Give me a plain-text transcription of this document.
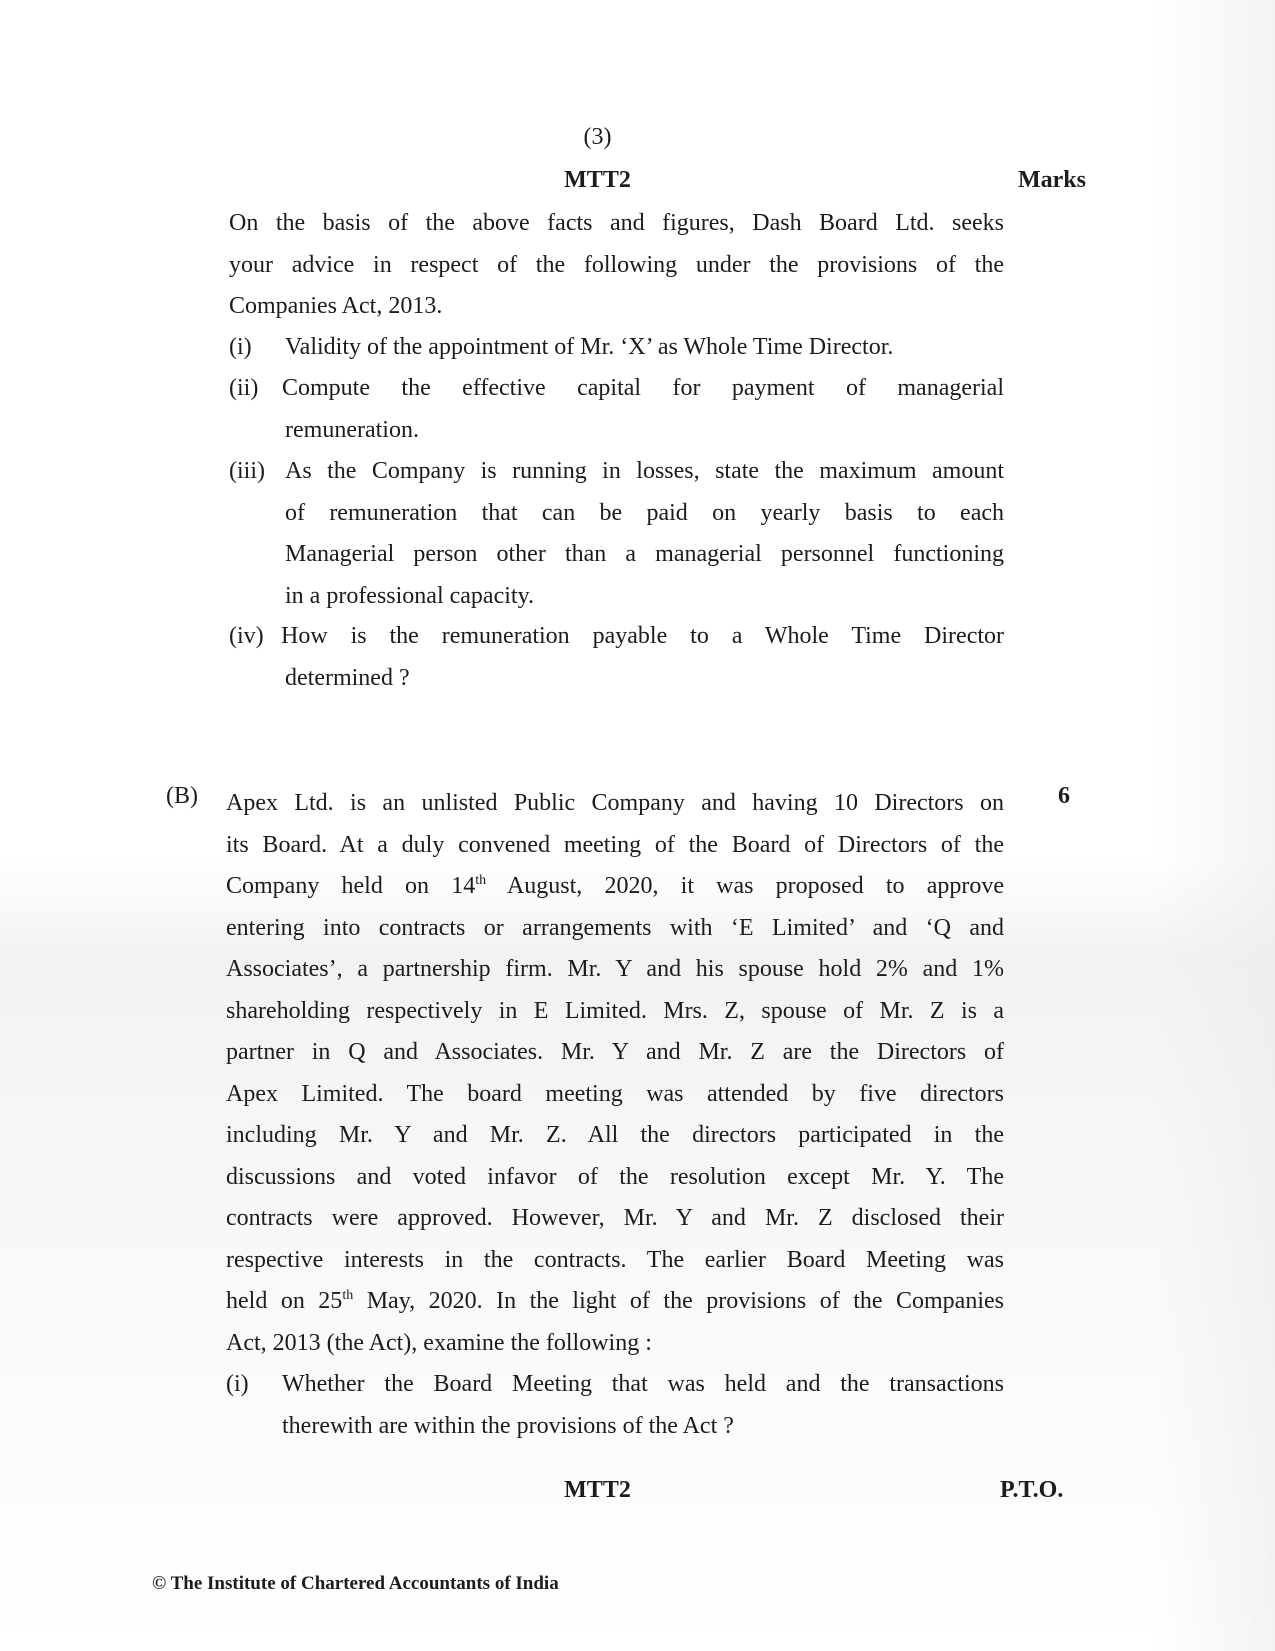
(3)
MTT2	Marks
On the basis of the above facts and figures, Dash Board Ltd. seeks
your advice in respect of the following under the provisions of the
Companies Act, 2013.
(i) Validity of the appointment of Mr. ‘X’ as Whole Time Director.
(ii) Compute the effective capital for payment of managerial
remuneration.
(iii) As the Company is running in losses, state the maximum amount
of remuneration that can be paid on yearly basis to each
Managerial person other than a managerial personnel functioning
in a professional capacity.
(iv) How is the remuneration payable to a Whole Time Director
determined ?
(B)	6
Apex Ltd. is an unlisted Public Company and having 10 Directors on
its Board. At a duly convened meeting of the Board of Directors of the
Company held on 14th August, 2020, it was proposed to approve
entering into contracts or arrangements with ‘E Limited’ and ‘Q and
Associates’, a partnership firm. Mr. Y and his spouse hold 2% and 1%
shareholding respectively in E Limited. Mrs. Z, spouse of Mr. Z is a
partner in Q and Associates. Mr. Y and Mr. Z are the Directors of
Apex Limited. The board meeting was attended by five directors
including Mr. Y and Mr. Z. All the directors participated in the
discussions and voted infavor of the resolution except Mr. Y. The
contracts were approved. However, Mr. Y and Mr. Z disclosed their
respective interests in the contracts. The earlier Board Meeting was
held on 25th May, 2020. In the light of the provisions of the Companies
Act, 2013 (the Act), examine the following :
(i) Whether the Board Meeting that was held and the transactions
therewith are within the provisions of the Act ?
MTT2	P.T.O.
© The Institute of Chartered Accountants of India
